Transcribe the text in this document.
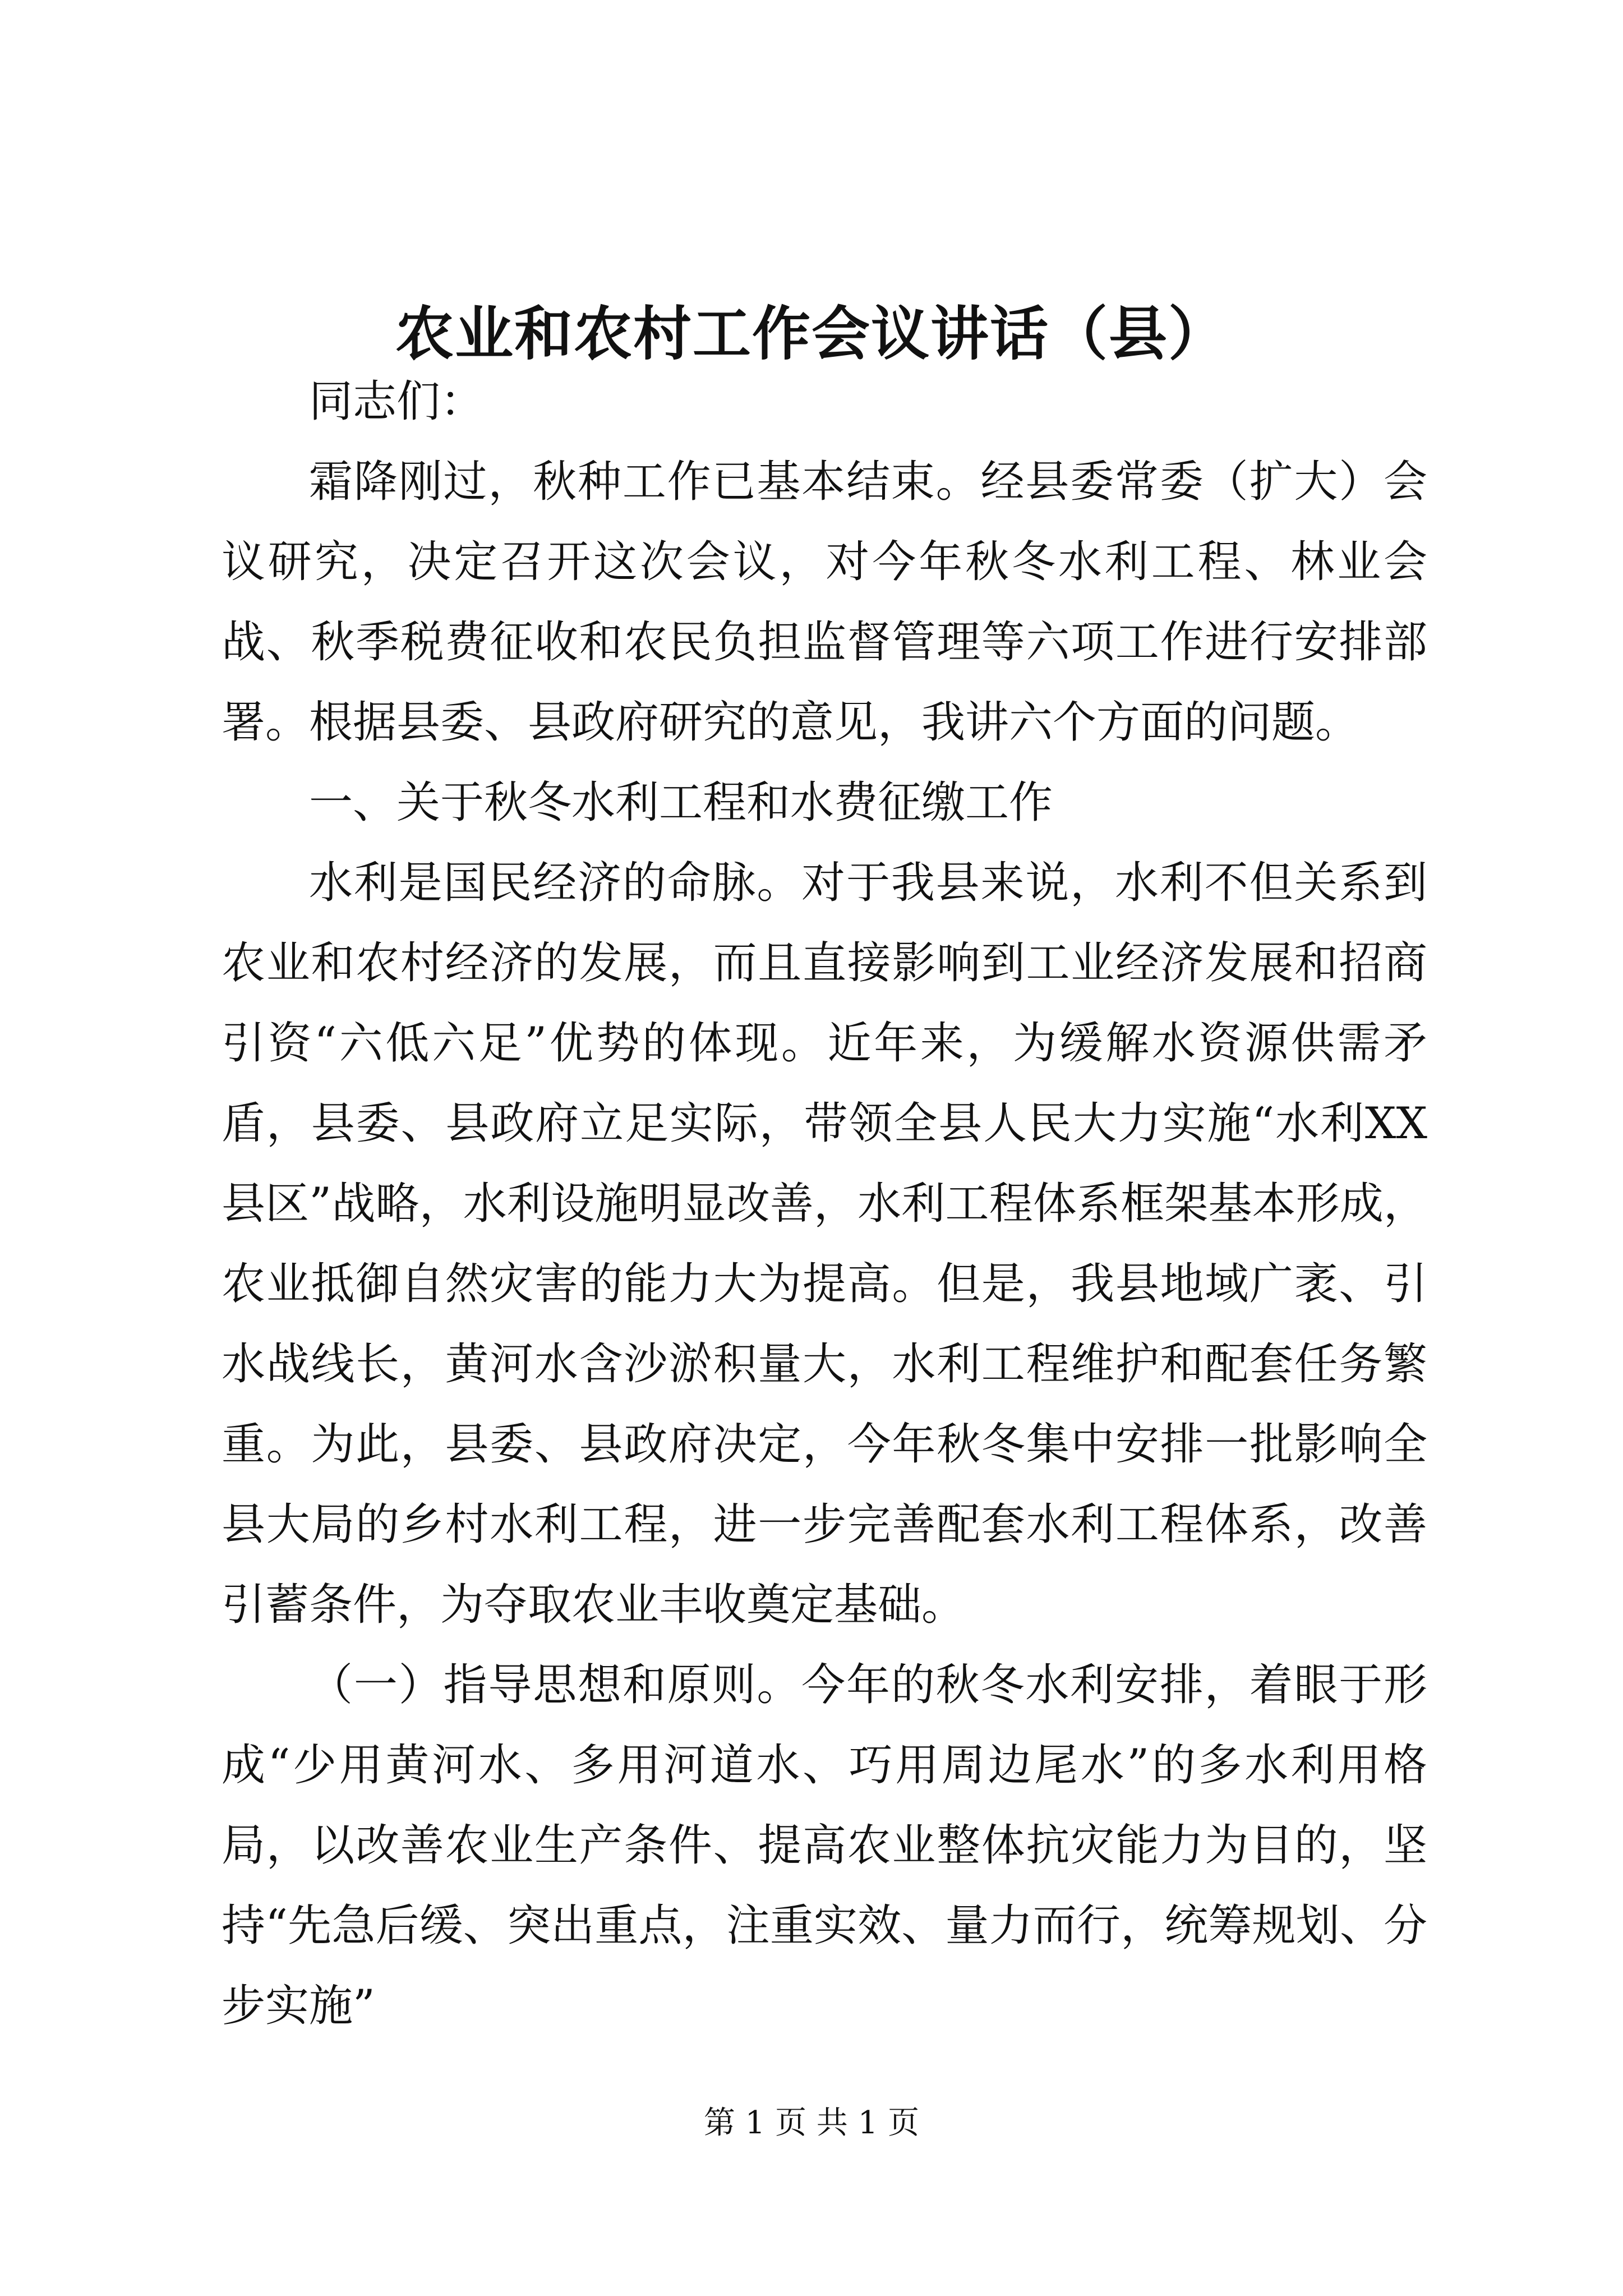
农业和农村工作会议讲话（县）

同志们：

霜降刚过，秋种工作已基本结束。经县委常委（扩大）会议研究，决定召开这次会议，对今年秋冬水利工程、林业会战、秋季税费征收和农民负担监督管理等六项工作进行安排部署。根据县委、县政府研究的意见，我讲六个方面的问题。

一、关于秋冬水利工程和水费征缴工作

水利是国民经济的命脉。对于我县来说，水利不但关系到农业和农村经济的发展，而且直接影响到工业经济发展和招商引资“六低六足”优势的体现。近年来，为缓解水资源供需矛盾，县委、县政府立足实际，带领全县人民大力实施“水利XX县区”战略，水利设施明显改善，水利工程体系框架基本形成，农业抵御自然灾害的能力大为提高。但是，我县地域广袤、引水战线长，黄河水含沙淤积量大，水利工程维护和配套任务繁重。为此，县委、县政府决定，今年秋冬集中安排一批影响全县大局的乡村水利工程，进一步完善配套水利工程体系，改善引蓄条件，为夺取农业丰收奠定基础。

（一）指导思想和原则。今年的秋冬水利安排，着眼于形成“少用黄河水、多用河道水、巧用周边尾水”的多水利用格局，以改善农业生产条件、提高农业整体抗灾能力为目的，坚持“先急后缓、突出重点，注重实效、量力而行，统筹规划、分步实施”

第 1 页 共 1 页
